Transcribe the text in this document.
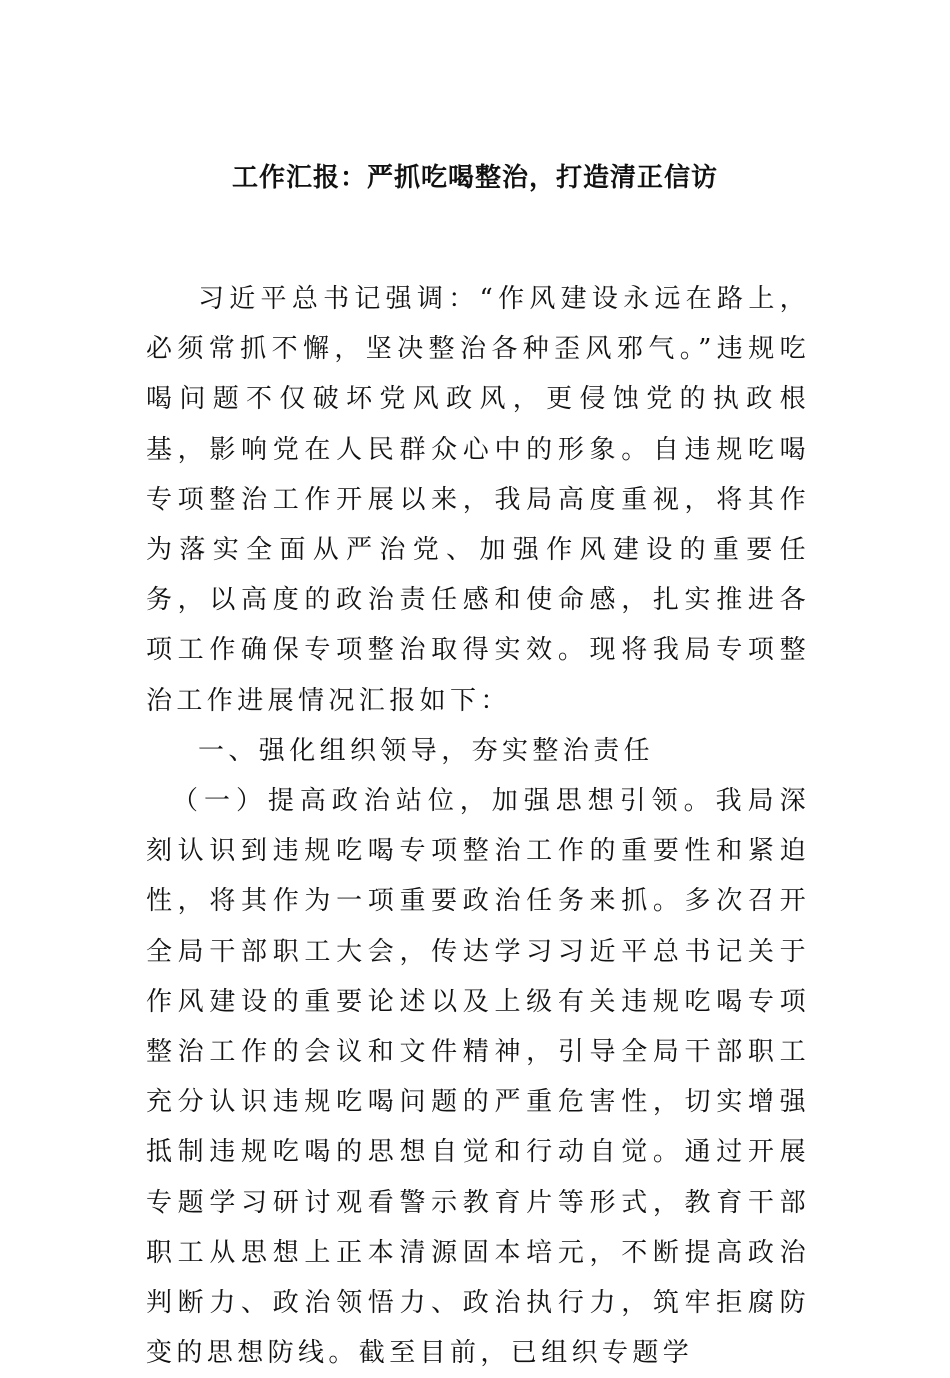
工作汇报：严抓吃喝整治，打造清正信访

习近平总书记强调：“作风建设永远在路上，必须常抓不懈，坚决整治各种歪风邪气。”违规吃喝问题不仅破坏党风政风，更侵蚀党的执政根基，影响党在人民群众心中的形象。自违规吃喝专项整治工作开展以来，我局高度重视，将其作为落实全面从严治党、加强作风建设的重要任务，以高度的政治责任感和使命感，扎实推进各项工作确保专项整治取得实效。现将我局专项整治工作进展情况汇报如下：

一、强化组织领导，夯实整治责任

（一）提高政治站位，加强思想引领。我局深刻认识到违规吃喝专项整治工作的重要性和紧迫性，将其作为一项重要政治任务来抓。多次召开全局干部职工大会，传达学习习近平总书记关于作风建设的重要论述以及上级有关违规吃喝专项整治工作的会议和文件精神，引导全局干部职工充分认识违规吃喝问题的严重危害性，切实增强抵制违规吃喝的思想自觉和行动自觉。通过开展专题学习研讨观看警示教育片等形式，教育干部职工从思想上正本清源固本培元，不断提高政治判断力、政治领悟力、政治执行力，筑牢拒腐防变的思想防线。截至目前，已组织专题学
